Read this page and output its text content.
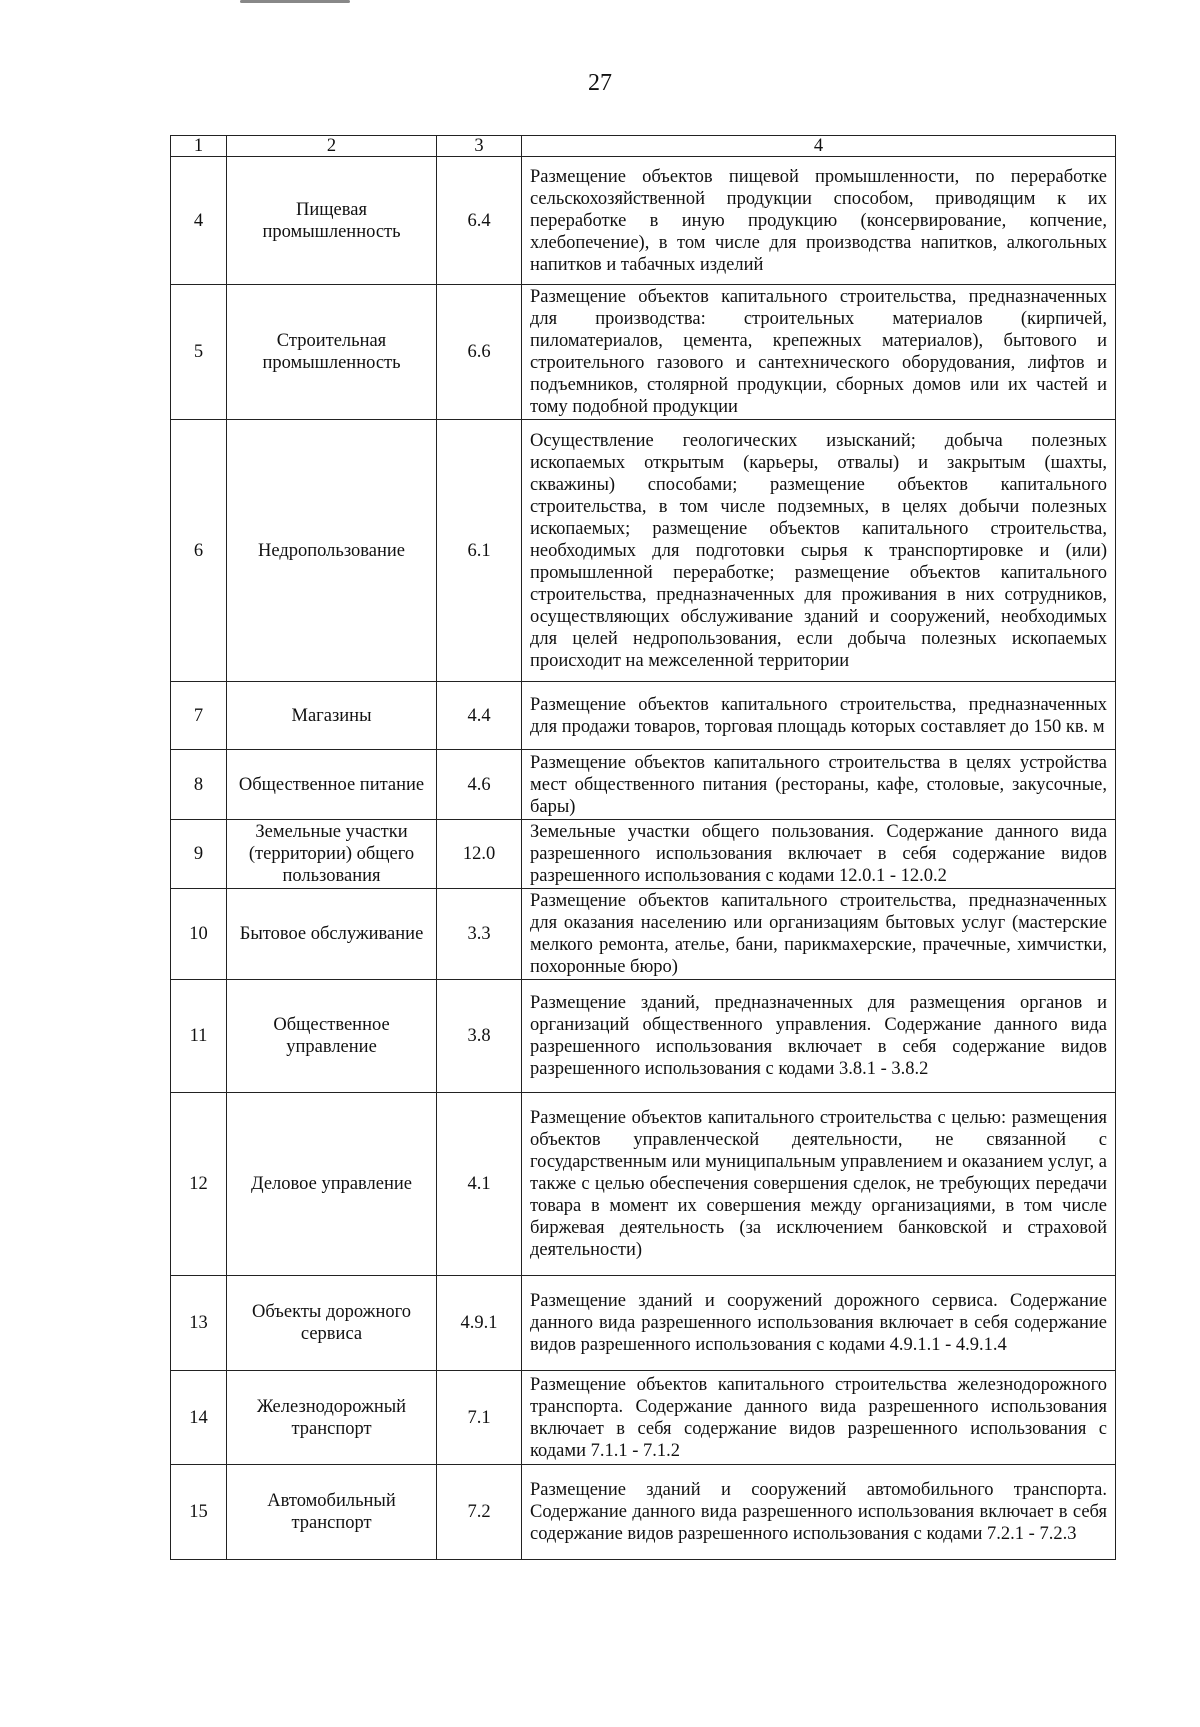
27
1	2	3	4
4	Пищевая промышленность	6.4	Размещение объектов пищевой промышленности, по переработке сельскохозяйственной продукции способом, приводящим к их переработке в иную продукцию (консервирование, копчение, хлебопечение), в том числе для производства напитков, алкогольных напитков и табачных изделий
5	Строительная промышленность	6.6	Размещение объектов капитального строительства, предназначенных для производства: строительных материалов (кирпичей, пиломатериалов, цемента, крепежных материалов), бытового и строительного газового и сантехнического оборудования, лифтов и подъемников, столярной продукции, сборных домов или их частей и тому подобной продукции
6	Недропользование	6.1	Осуществление геологических изысканий; добыча полезных ископаемых открытым (карьеры, отвалы) и закрытым (шахты, скважины) способами; размещение объектов капитального строительства, в том числе подземных, в целях добычи полезных ископаемых; размещение объектов капитального строительства, необходимых для подготовки сырья к транспортировке и (или) промышленной переработке; размещение объектов капитального строительства, предназначенных для проживания в них сотрудников, осуществляющих обслуживание зданий и сооружений, необходимых для целей недропользования, если добыча полезных ископаемых происходит на межселенной территории
7	Магазины	4.4	Размещение объектов капитального строительства, предназначенных для продажи товаров, торговая площадь которых составляет до 150 кв. м
8	Общественное питание	4.6	Размещение объектов капитального строительства в целях устройства мест общественного питания (рестораны, кафе, столовые, закусочные, бары)
9	Земельные участки (территории) общего пользования	12.0	Земельные участки общего пользования. Содержание данного вида разрешенного использования включает в себя содержание видов разрешенного использования с кодами 12.0.1 - 12.0.2
10	Бытовое обслуживание	3.3	Размещение объектов капитального строительства, предназначенных для оказания населению или организациям бытовых услуг (мастерские мелкого ремонта, ателье, бани, парикмахерские, прачечные, химчистки, похоронные бюро)
11	Общественное управление	3.8	Размещение зданий, предназначенных для размещения органов и организаций общественного управления. Содержание данного вида разрешенного использования включает в себя содержание видов разрешенного использования с кодами 3.8.1 - 3.8.2
12	Деловое управление	4.1	Размещение объектов капитального строительства с целью: размещения объектов управленческой деятельности, не связанной с государственным или муниципальным управлением и оказанием услуг, а также с целью обеспечения совершения сделок, не требующих передачи товара в момент их совершения между организациями, в том числе биржевая деятельность (за исключением банковской и страховой деятельности)
13	Объекты дорожного сервиса	4.9.1	Размещение зданий и сооружений дорожного сервиса. Содержание данного вида разрешенного использования включает в себя содержание видов разрешенного использования с кодами 4.9.1.1 - 4.9.1.4
14	Железнодорожный транспорт	7.1	Размещение объектов капитального строительства железнодорожного транспорта. Содержание данного вида разрешенного использования включает в себя содержание видов разрешенного использования с кодами 7.1.1 - 7.1.2
15	Автомобильный транспорт	7.2	Размещение зданий и сооружений автомобильного транспорта. Содержание данного вида разрешенного использования включает в себя содержание видов разрешенного использования с кодами 7.2.1 - 7.2.3
